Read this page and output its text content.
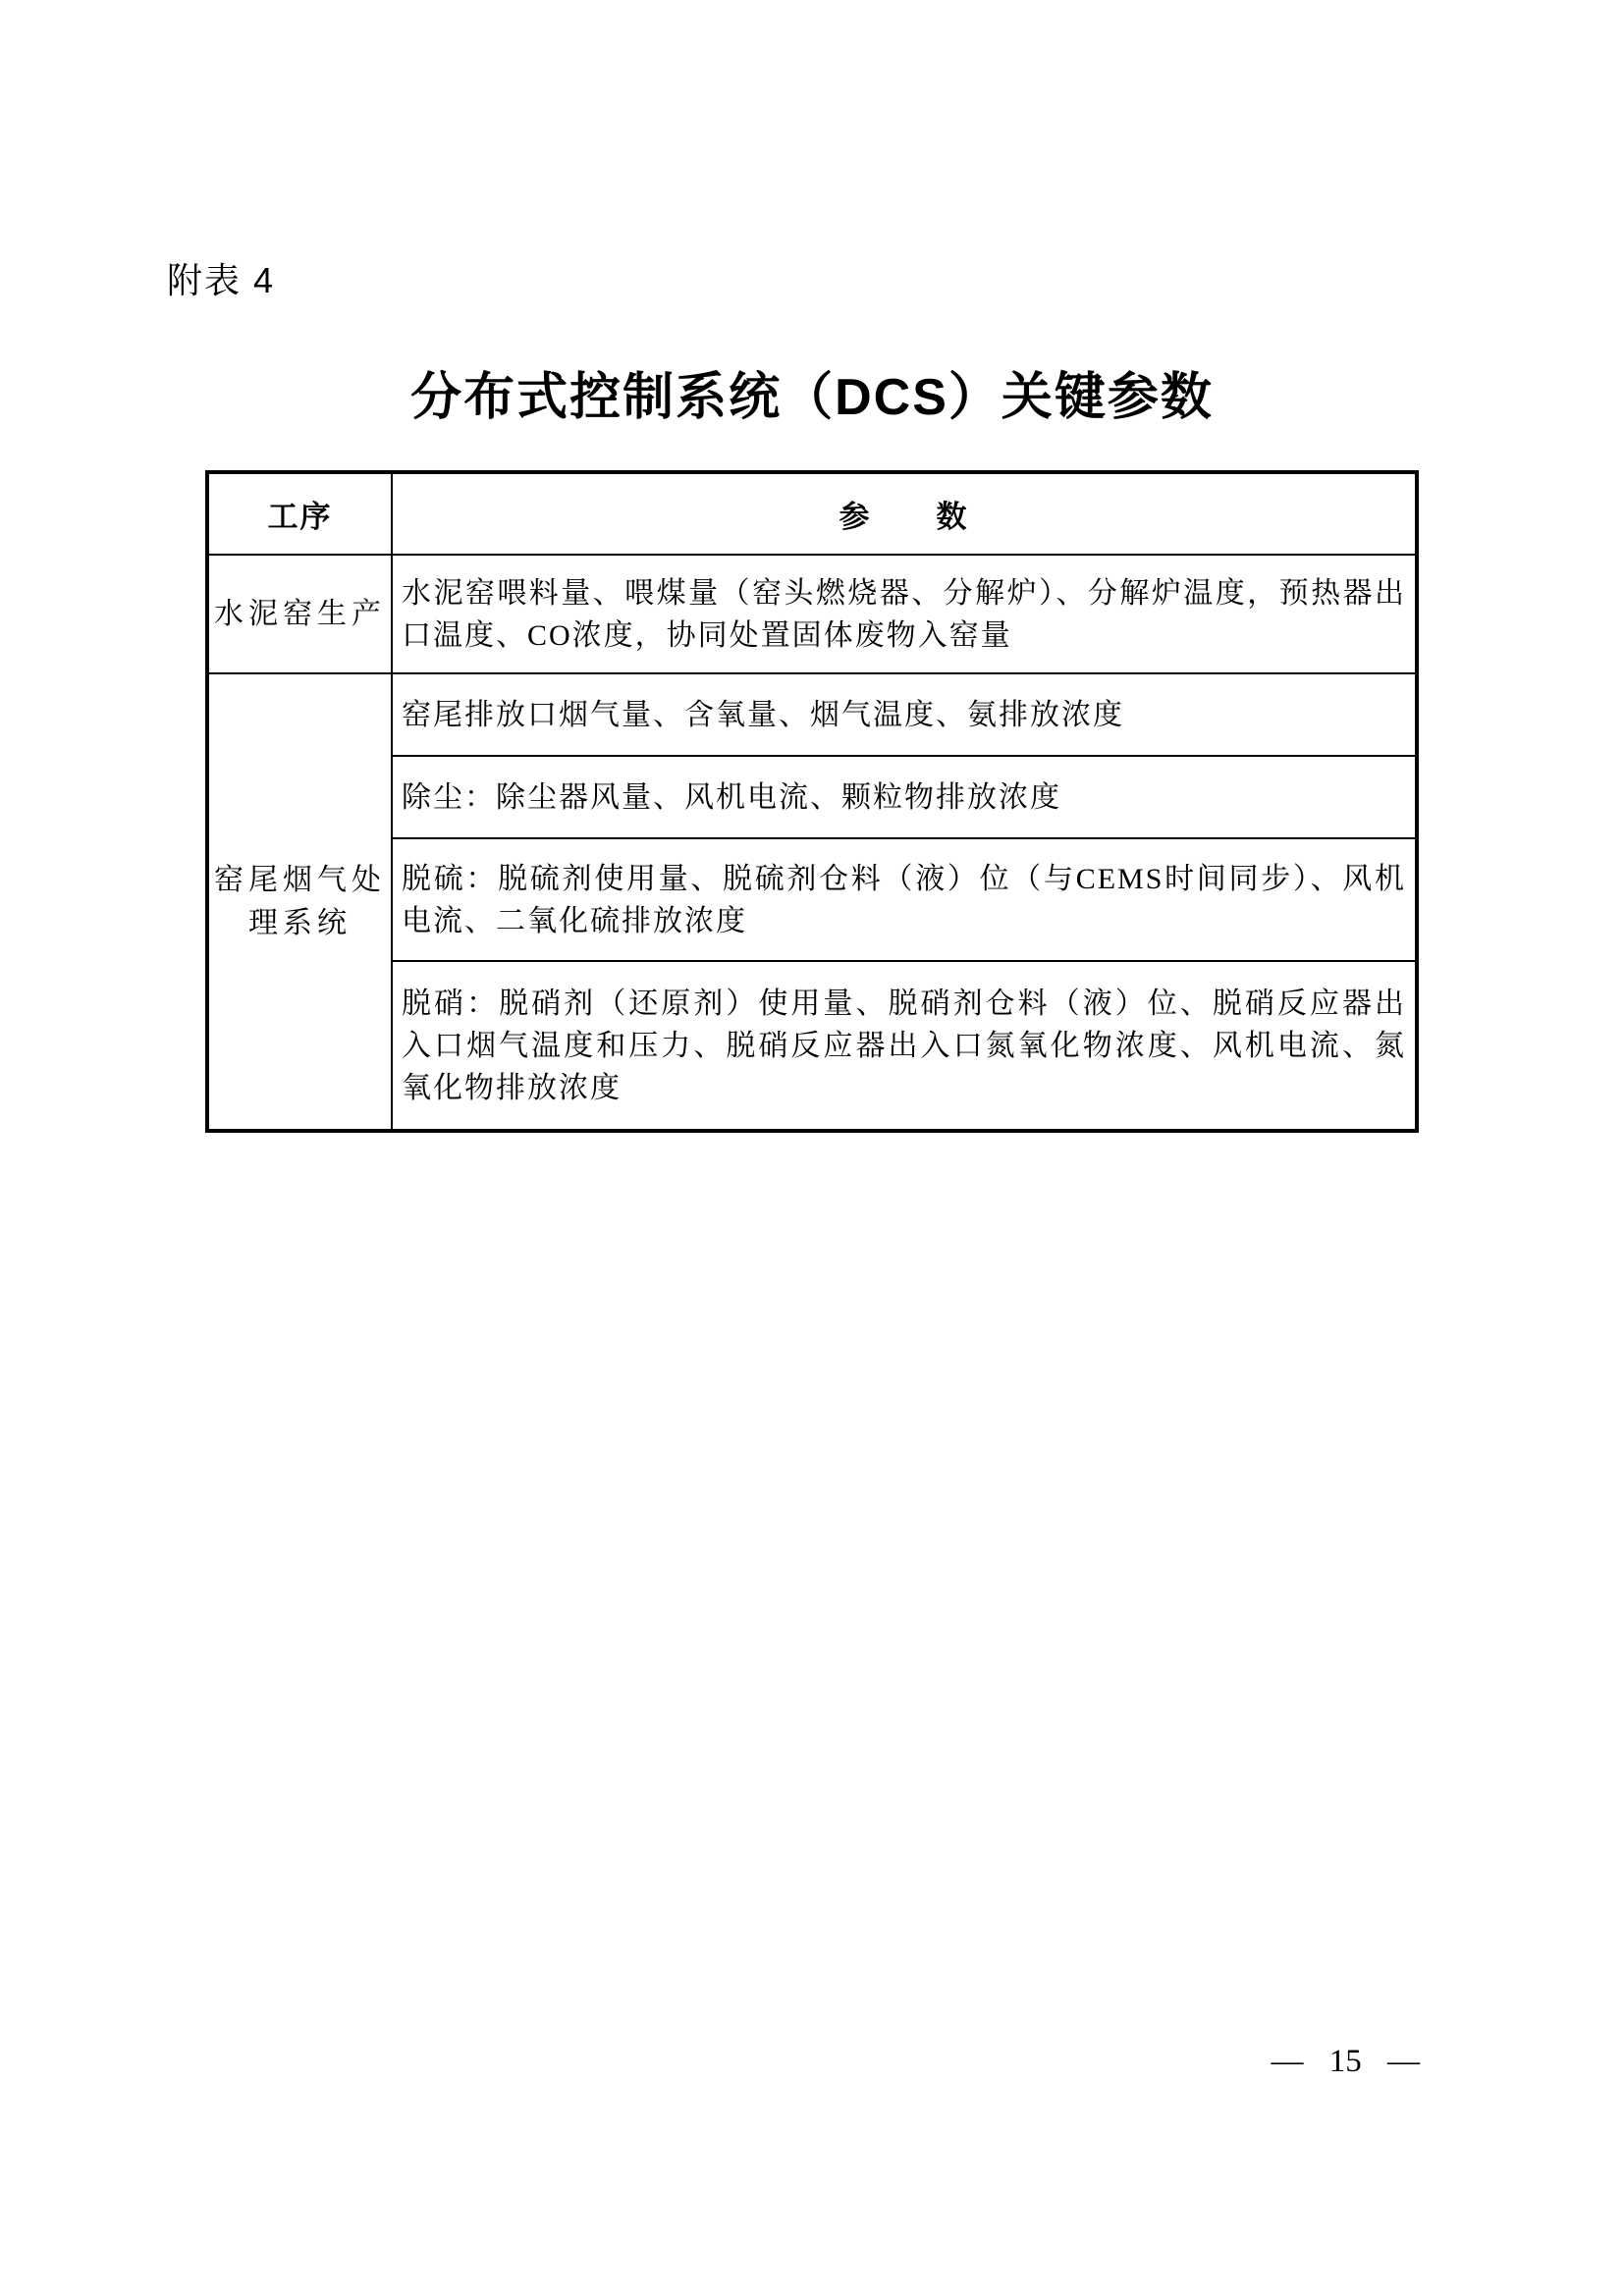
附表 4
分布式控制系统（DCS）关键参数
工序	参　　数
水泥窑生产	水泥窑喂料量、喂煤量（窑头燃烧器、分解炉）、分解炉温度，预热器出口温度、CO浓度，协同处置固体废物入窑量
窑尾烟气处理系统	窑尾排放口烟气量、含氧量、烟气温度、氨排放浓度
	除尘：除尘器风量、风机电流、颗粒物排放浓度
	脱硫：脱硫剂使用量、脱硫剂仓料（液）位（与CEMS时间同步）、风机电流、二氧化硫排放浓度
	脱硝：脱硝剂（还原剂）使用量、脱硝剂仓料（液）位、脱硝反应器出入口烟气温度和压力、脱硝反应器出入口氮氧化物浓度、风机电流、氮氧化物排放浓度
— 15 —
